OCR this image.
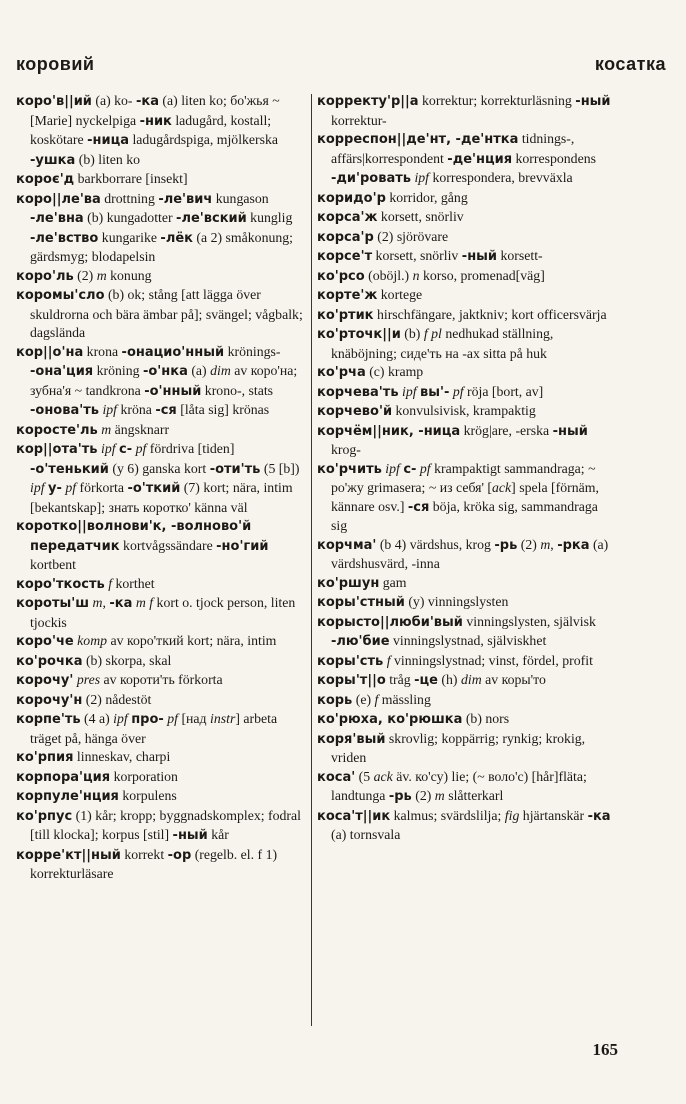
коровий	косатка

коро'в||ий (a) ko- -ка (a) liten ko; бо'жья ~ [Marie] nyckelpiga -ник ladugård, kostall; koskötare -ница ladugårdspiga, mjölkerska -ушка (b) liten ko

короє'д barkborrare [insekt]

коро||ле'ва drottning -ле'вич kungason -ле'вна (b) kungadotter -ле'вский kunglig -ле'вство kungarike -лёк (a 2) småkonung; gärdsmyg; blodapelsin

коро'ль (2) m konung

коромы'сло (b) ok; stång [att lägga över skuldrorna och bära ämbar på]; svängel; vågbalk; dagslända

кор||о'на krona -онацио'нный krönings- -она'ция kröning -о'нка (a) dim av коро'на; зубна'я ~ tandkrona -о'нный krono-, stats -онова'ть ipf kröna -ся [låta sig] krönas

коросте'ль m ängsknarr

кор||ота'ть ipf с- pf fördriva [tiden] -о'тенький (y 6) ganska kort -оти'ть (5 [b]) ipf у- pf förkorta -о'ткий (7) kort; nära, intim [bekantskap]; знать коротко' känna väl

коротко||волнови'к, -волново'й передатчик kortvågssändare -но'гий kortbent

коро'ткость f korthet

короты'ш m, -ка m f kort o. tjock person, liten tjockis

коро'че komp av коро'ткий kort; nära, intim

ко'рочка (b) skorpa, skal

корочу' pres av короти'ть förkorta

корочу'н (2) nådestöt

корпе'ть (4 a) ipf про- pf [над instr] arbeta träget på, hänga över

ко'рпия linneskav, charpi

корпора'ция korporation

корпуле'нция korpulens

ко'рпус (1) kår; kropp; byggnadskomplex; fodral [till klocka]; korpus [stil] -ный kår

корре'кт||ный korrekt -ор (regelb. el. f 1) korrekturläsare

корректу'р||а korrektur; korrekturläsning -ный korrektur-

корреспон||де'нт, -де'нтка tidnings-, affärs|korrespondent -де'нция korrespondens -ди'ровать ipf korrespondera, brevväxla

коридо'р korridor, gång

корса'ж korsett, snörliv

корса'р (2) sjörövare

корсе'т korsett, snörliv -ный korsett-

ко'рсо (oböjl.) n korso, promenad[väg]

корте'ж kortege

ко'ртик hirschfängare, jaktkniv; kort officersvärja

ко'рточк||и (b) f pl nedhukad ställning, knäböjning; сиде'ть на -ах sitta på huk

ко'рча (c) kramp

корчева'ть ipf вы'- pf röja [bort, av]

корчево'й konvulsivisk, krampaktig

корчём||ник, -ница krög|are, -erska -ный krog-

ко'рчить ipf с- pf krampaktigt sammandraga; ~ ро'жу grimasera; ~ из себя' [ack] spela [förnäm, kännare osv.] -ся böja, kröka sig, sammandraga sig

корчма' (b 4) värdshus, krog -рь (2) m, -рка (a) värdshusvärd, -inna

ко'ршун gam

коры'стный (y) vinningslysten

корысто||люби'вый vinningslysten, självisk -лю'бие vinningslystnad, själviskhet

коры'сть f vinningslystnad; vinst, fördel, profit

коры'т||о tråg -це (h) dim av коры'то

корь (e) f mässling

ко'рюха, ко'рюшка (b) nors

коря'вый skrovlig; koppärrig; rynkig; krokig, vriden

коса' (5 ack äv. ко'су) lie; (~ воло'с) [hår]fläta; landtunga -рь (2) m slåtterkarl

коса'т||ик kalmus; svärdslilja; fig hjärtanskär -ка (a) tornsvala

165
